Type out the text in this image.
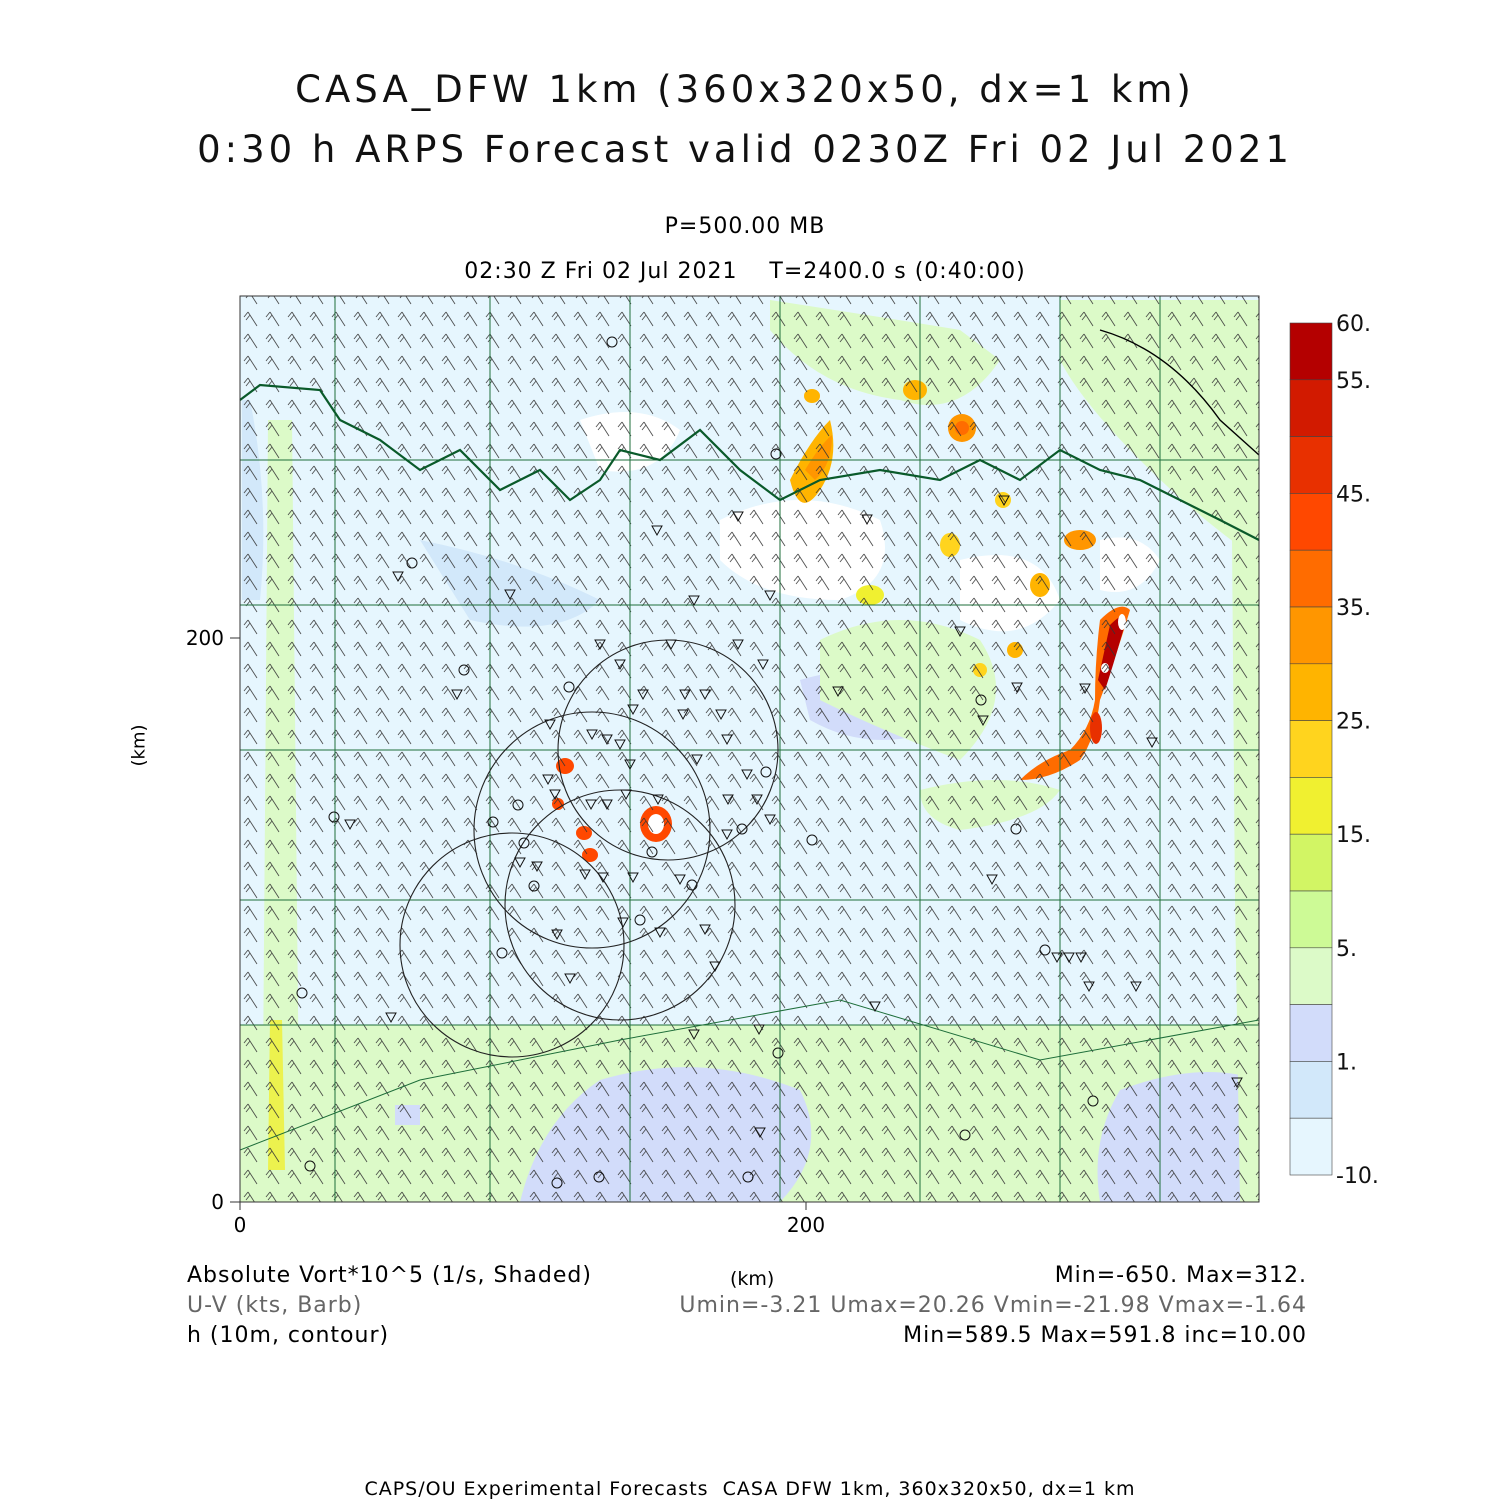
CASA_DFW 1km (360x320x50, dx=1 km)
0:30 h ARPS Forecast valid 0230Z Fri 02 Jul 2021
P=500.00 MB
02:30 Z Fri 02 Jul 2021    T=2400.0 s (0:40:00)
(km)
0	200
0
200
60.
55.
45.
35.
25.
15.
5.
1.
-10.
Absolute Vort*10^5 (1/s, Shaded)
U-V (kts, Barb)
h (10m, contour)
(km)	Min=-650. Max=312.
Umin=-3.21 Umax=20.26 Vmin=-21.98 Vmax=-1.64
Min=589.5 Max=591.8 inc=10.00
CAPS/OU Experimental Forecasts  CASA DFW 1km, 360x320x50, dx=1 km
